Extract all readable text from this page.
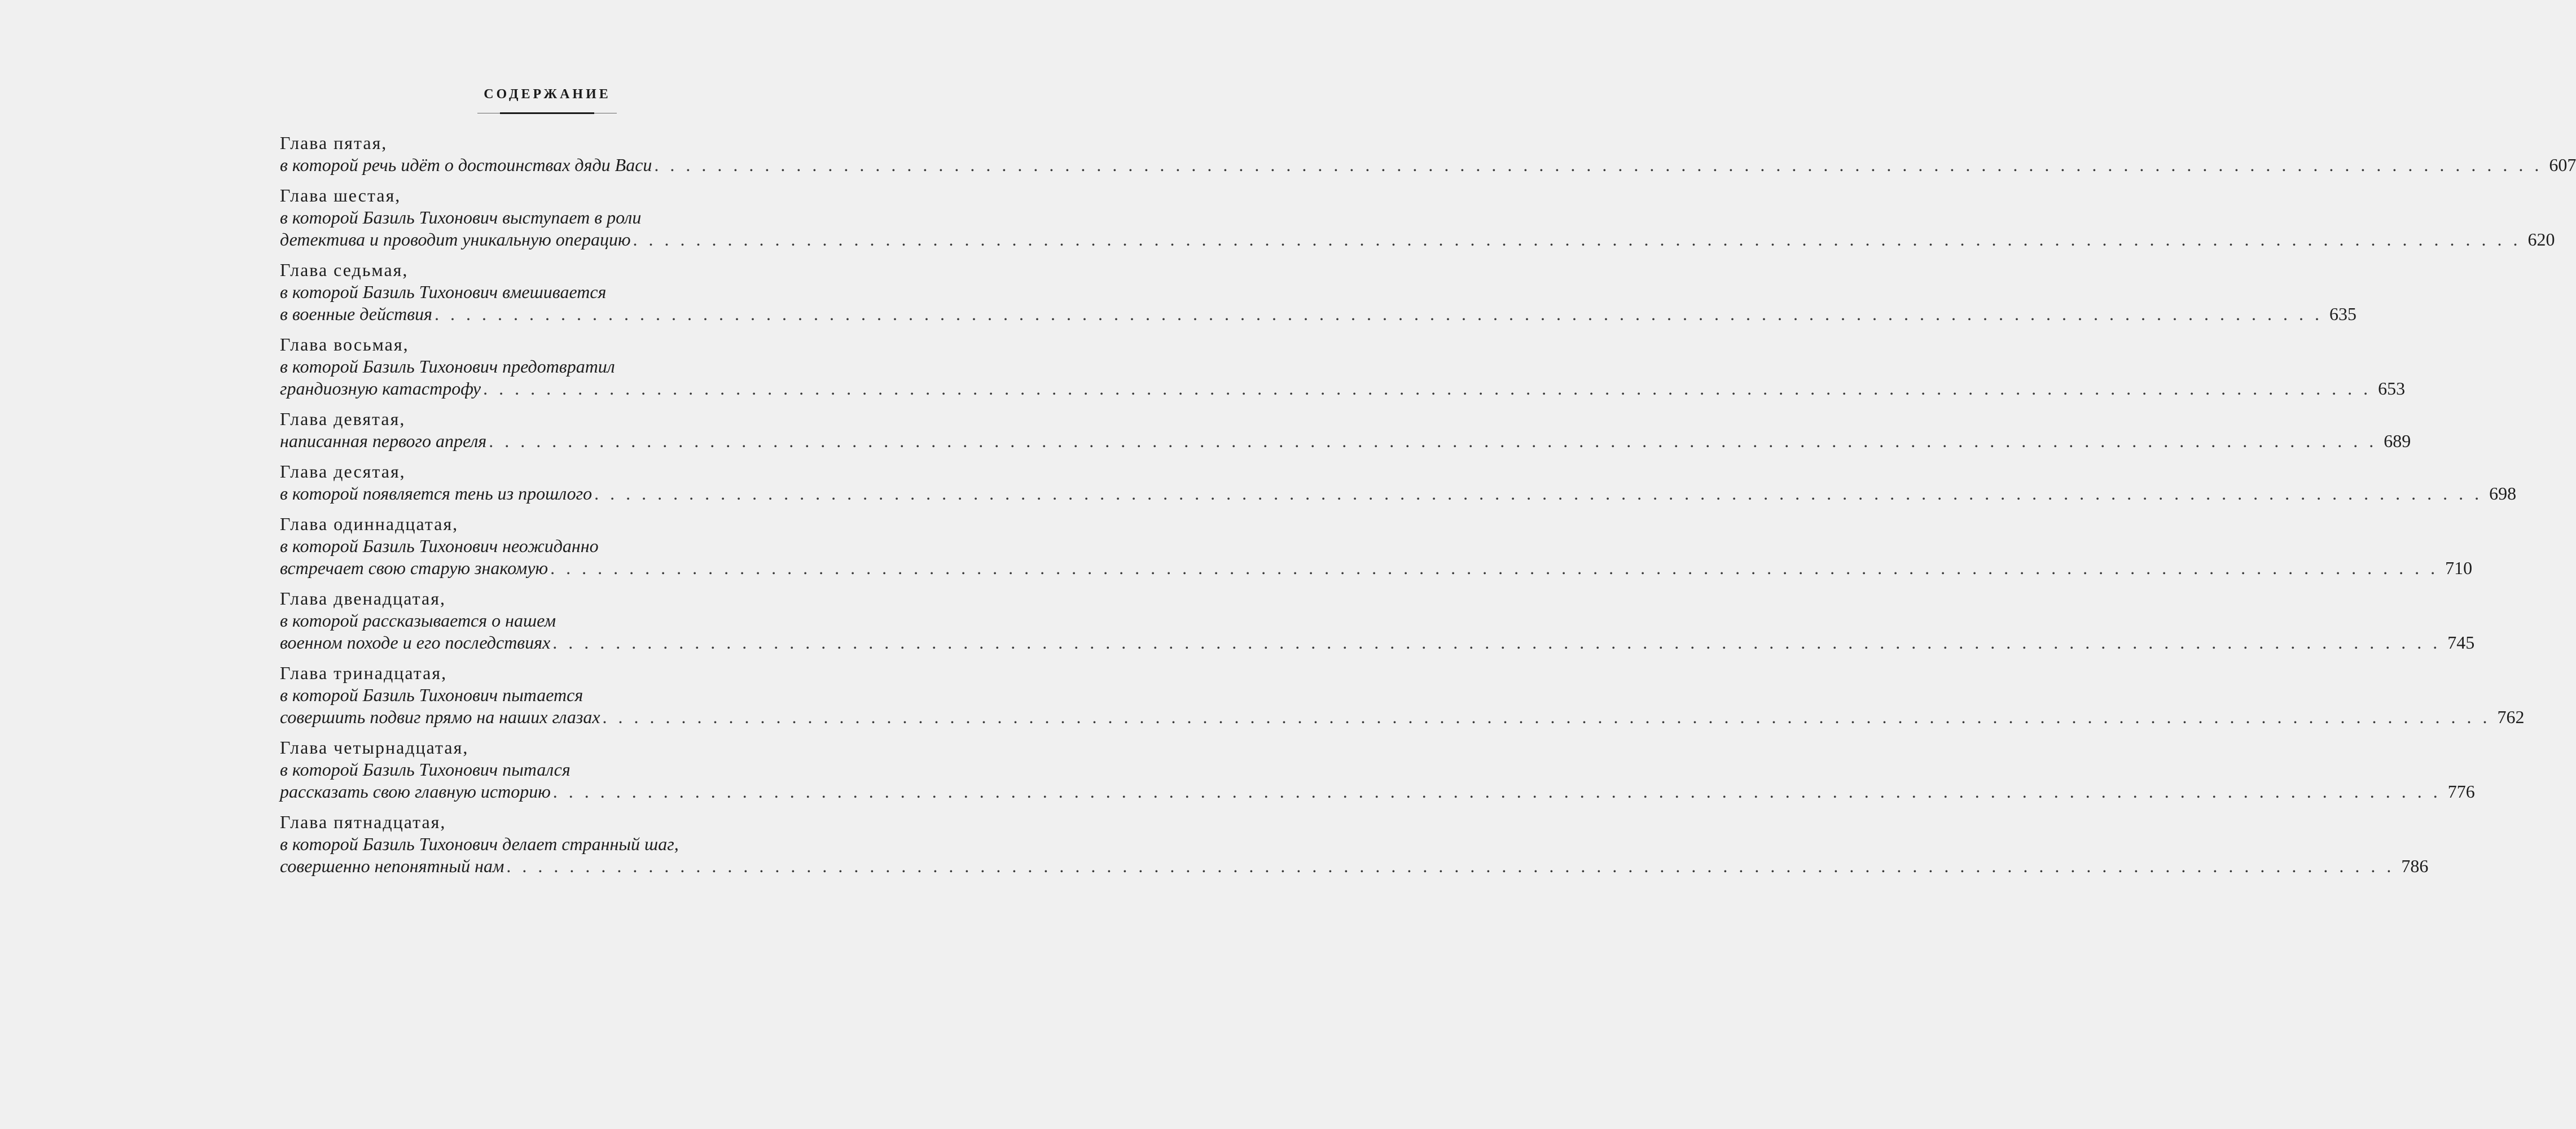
СОДЕРЖАНИЕ
Глава пятая,
в которой речь идёт о достоинствах дяди Васи . . . . . . . . . . . . . . . . . . . . . . . . . . . . . . . . . . . . . . . . . . . . . . . . . . . . . . . . . . . . . . . . . . . . . . . . . . . . . . . . . . . . . . . . . . . . . . . . . . . . . . . . . . . . . . . . . . . . . . . . 607
Глава шестая,
в которой Базиль Тихонович выступает в роли
детектива и проводит уникальную операцию . . . . . . . . . . . . . . . . . . . . . . . . . . . . . . . . . . . . . . . . . . . . . . . . . . . . . . . . . . . . . . . . . . . . . . . . . . . . . . . . . . . . . . . . . . . . . . . . . . . . . . . . . . . . . . . . . . . . . . . . 620
Глава седьмая,
в которой Базиль Тихонович вмешивается
в военные действия . . . . . . . . . . . . . . . . . . . . . . . . . . . . . . . . . . . . . . . . . . . . . . . . . . . . . . . . . . . . . . . . . . . . . . . . . . . . . . . . . . . . . . . . . . . . . . . . . . . . . . . . . . . . . . . . . . . . . . . . 635
Глава восьмая,
в которой Базиль Тихонович предотвратил
грандиозную катастрофу . . . . . . . . . . . . . . . . . . . . . . . . . . . . . . . . . . . . . . . . . . . . . . . . . . . . . . . . . . . . . . . . . . . . . . . . . . . . . . . . . . . . . . . . . . . . . . . . . . . . . . . . . . . . . . . . . . . . . . . . 653
Глава девятая,
написанная первого апреля . . . . . . . . . . . . . . . . . . . . . . . . . . . . . . . . . . . . . . . . . . . . . . . . . . . . . . . . . . . . . . . . . . . . . . . . . . . . . . . . . . . . . . . . . . . . . . . . . . . . . . . . . . . . . . . . . . . . . . . . 689
Глава десятая,
в которой появляется тень из прошлого . . . . . . . . . . . . . . . . . . . . . . . . . . . . . . . . . . . . . . . . . . . . . . . . . . . . . . . . . . . . . . . . . . . . . . . . . . . . . . . . . . . . . . . . . . . . . . . . . . . . . . . . . . . . . . . . . . . . . . . . 698
Глава одиннадцатая,
в которой Базиль Тихонович неожиданно
встречает свою старую знакомую . . . . . . . . . . . . . . . . . . . . . . . . . . . . . . . . . . . . . . . . . . . . . . . . . . . . . . . . . . . . . . . . . . . . . . . . . . . . . . . . . . . . . . . . . . . . . . . . . . . . . . . . . . . . . . . . . . . . . . . . 710
Глава двенадцатая,
в которой рассказывается о нашем
военном походе и его последствиях . . . . . . . . . . . . . . . . . . . . . . . . . . . . . . . . . . . . . . . . . . . . . . . . . . . . . . . . . . . . . . . . . . . . . . . . . . . . . . . . . . . . . . . . . . . . . . . . . . . . . . . . . . . . . . . . . . . . . . . . 745
Глава тринадцатая,
в которой Базиль Тихонович пытается
совершить подвиг прямо на наших глазах . . . . . . . . . . . . . . . . . . . . . . . . . . . . . . . . . . . . . . . . . . . . . . . . . . . . . . . . . . . . . . . . . . . . . . . . . . . . . . . . . . . . . . . . . . . . . . . . . . . . . . . . . . . . . . . . . . . . . . . . 762
Глава четырнадцатая,
в которой Базиль Тихонович пытался
рассказать свою главную историю . . . . . . . . . . . . . . . . . . . . . . . . . . . . . . . . . . . . . . . . . . . . . . . . . . . . . . . . . . . . . . . . . . . . . . . . . . . . . . . . . . . . . . . . . . . . . . . . . . . . . . . . . . . . . . . . . . . . . . . . 776
Глава пятнадцатая,
в которой Базиль Тихонович делает странный шаг,
совершенно непонятный нам . . . . . . . . . . . . . . . . . . . . . . . . . . . . . . . . . . . . . . . . . . . . . . . . . . . . . . . . . . . . . . . . . . . . . . . . . . . . . . . . . . . . . . . . . . . . . . . . . . . . . . . . . . . . . . . . . . . . . . . . 786
